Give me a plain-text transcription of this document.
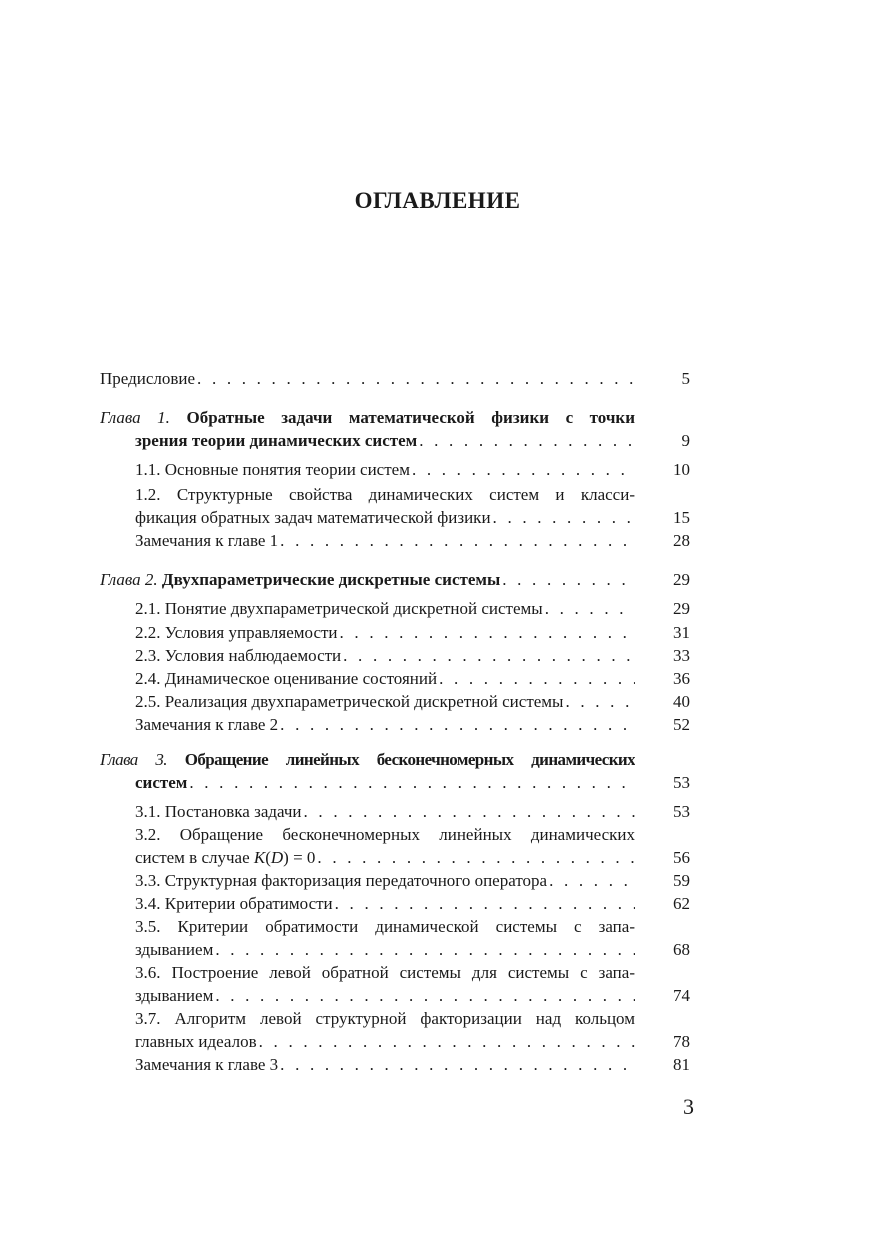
ОГЛАВЛЕНИЕ
Предисловие . . .	5
Глава 1. Обратные задачи математической физики с точки
зрения теории динамических систем . . .	9
1.1. Основные понятия теории систем . . .	10
1.2. Структурные свойства динамических систем и класси-
фикация обратных задач математической физики . . .	15
Замечания к главе 1 . . .	28
Глава 2.
Двухпараметрические дискретные системы . . .	29
2.1. Понятие двухпараметрической дискретной системы . . .	29
2.2. Условия управляемости . . .	31
2.3. Условия наблюдаемости . . .	33
2.4. Динамическое оценивание состояний . . .	36
2.5. Реализация двухпараметрической дискретной системы . . .	40
Замечания к главе 2 . . .	52
Глава 3. Обращение линейных бесконечномерных динамических
систем . . .	53
3.1. Постановка задачи . . .	53
3.2. Обращение бесконечномерных линейных динамических
систем в случае K(D) = 0 . . .	56
3.3. Структурная факторизация передаточного оператора . . .	59
3.4. Критерии обратимости . . .	62
3.5. Критерии обратимости динамической системы с запа-
здыванием . . .	68
3.6. Построение левой обратной системы для системы с запа-
здыванием . . .	74
3.7. Алгоритм левой структурной факторизации над кольцом
главных идеалов . . .	78
Замечания к главе 3 . . .	81
3
